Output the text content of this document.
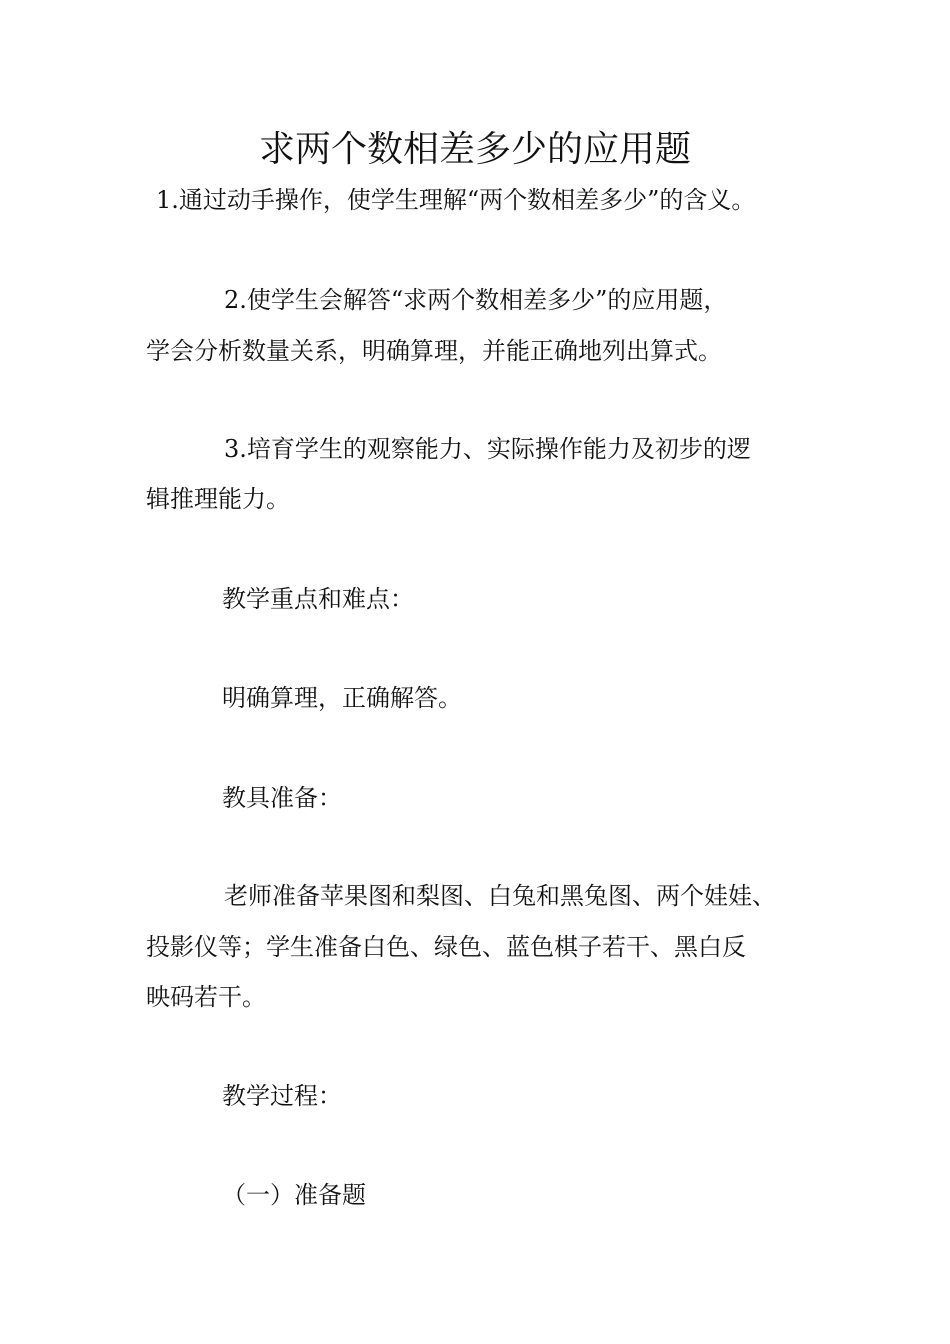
求两个数相差多少的应用题
1.通过动手操作，使学生理解“两个数相差多少”的含义。
2.使学生会解答“求两个数相差多少”的应用题，
学会分析数量关系，明确算理，并能正确地列出算式。
3.培育学生的观察能力、实际操作能力及初步的逻
辑推理能力。
教学重点和难点：
明确算理，正确解答。
教具准备：
老师准备苹果图和梨图、白兔和黑兔图、两个娃娃、
投影仪等；学生准备白色、绿色、蓝色棋子若干、黑白反
映码若干。
教学过程：
（一）准备题
